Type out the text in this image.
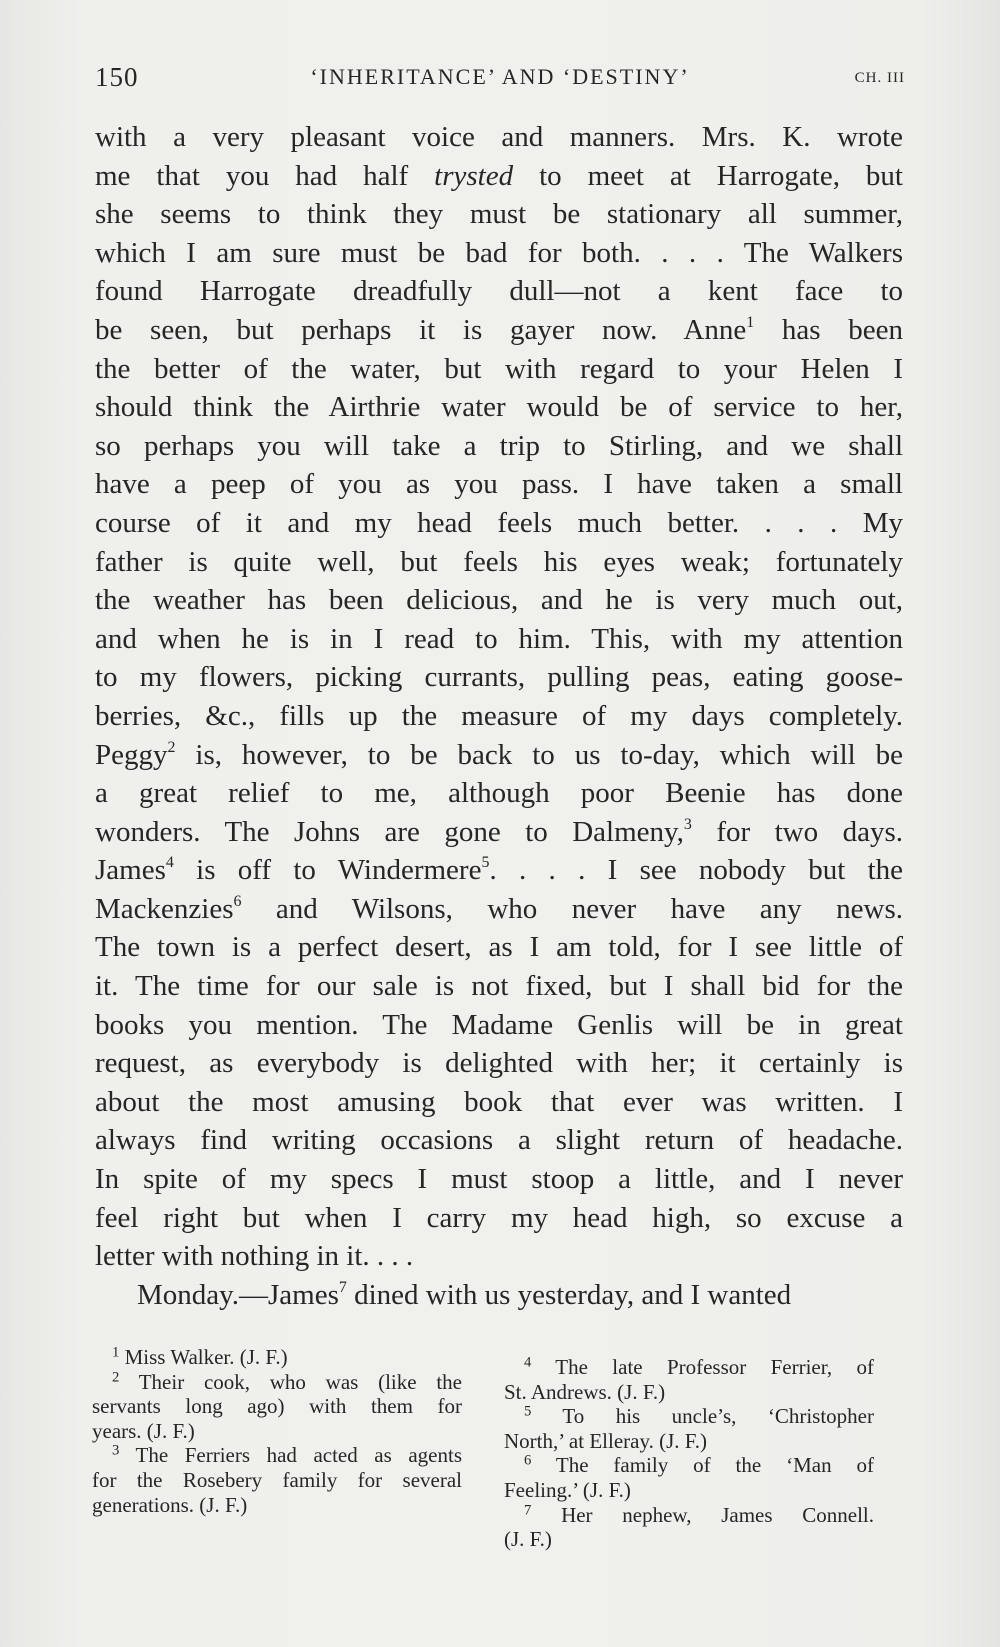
150	‘INHERITANCE’ AND ‘DESTINY’	CH. III
with a very pleasant voice and manners. Mrs. K. wrote
me that you had half trysted to meet at Harrogate, but
she seems to think they must be stationary all summer,
which I am sure must be bad for both. . . . The Walkers
found Harrogate dreadfully dull—not a kent face to
be seen, but perhaps it is gayer now. Anne$^1$ has been
the better of the water, but with regard to your Helen I
should think the Airthrie water would be of service to her,
so perhaps you will take a trip to Stirling, and we shall
have a peep of you as you pass. I have taken a small
course of it and my head feels much better. . . . My
father is quite well, but feels his eyes weak; fortunately
the weather has been delicious, and he is very much out,
and when he is in I read to him. This, with my attention
to my flowers, picking currants, pulling peas, eating goose-
berries, &c., fills up the measure of my days completely.
Peggy$^2$ is, however, to be back to us to-day, which will be
a great relief to me, although poor Beenie has done
wonders. The Johns are gone to Dalmeny,$^3$ for two days.
James$^4$ is off to Windermere$^5$. . . . I see nobody but the
Mackenzies$^6$ and Wilsons, who never have any news.
The town is a perfect desert, as I am told, for I see little of
it. The time for our sale is not fixed, but I shall bid for the
books you mention. The Madame Genlis will be in great
request, as everybody is delighted with her; it certainly is
about the most amusing book that ever was written. I
always find writing occasions a slight return of headache.
In spite of my specs I must stoop a little, and I never
feel right but when I carry my head high, so excuse a
letter with nothing in it. . . .
Monday.—James$^7$ dined with us yesterday, and I wanted
$^1$ Miss Walker. (J. F.)
$^2$ Their cook, who was (like the
servants long ago) with them for
years. (J. F.)
$^3$ The Ferriers had acted as agents
for the Rosebery family for several
generations. (J. F.)
$^4$ The late Professor Ferrier, of
St. Andrews. (J. F.)
$^5$ To his uncle’s, ‘Christopher
North,’ at Elleray. (J. F.)
$^6$ The family of the ‘Man of
Feeling.’ (J. F.)
$^7$ Her nephew, James Connell.
(J. F.)
